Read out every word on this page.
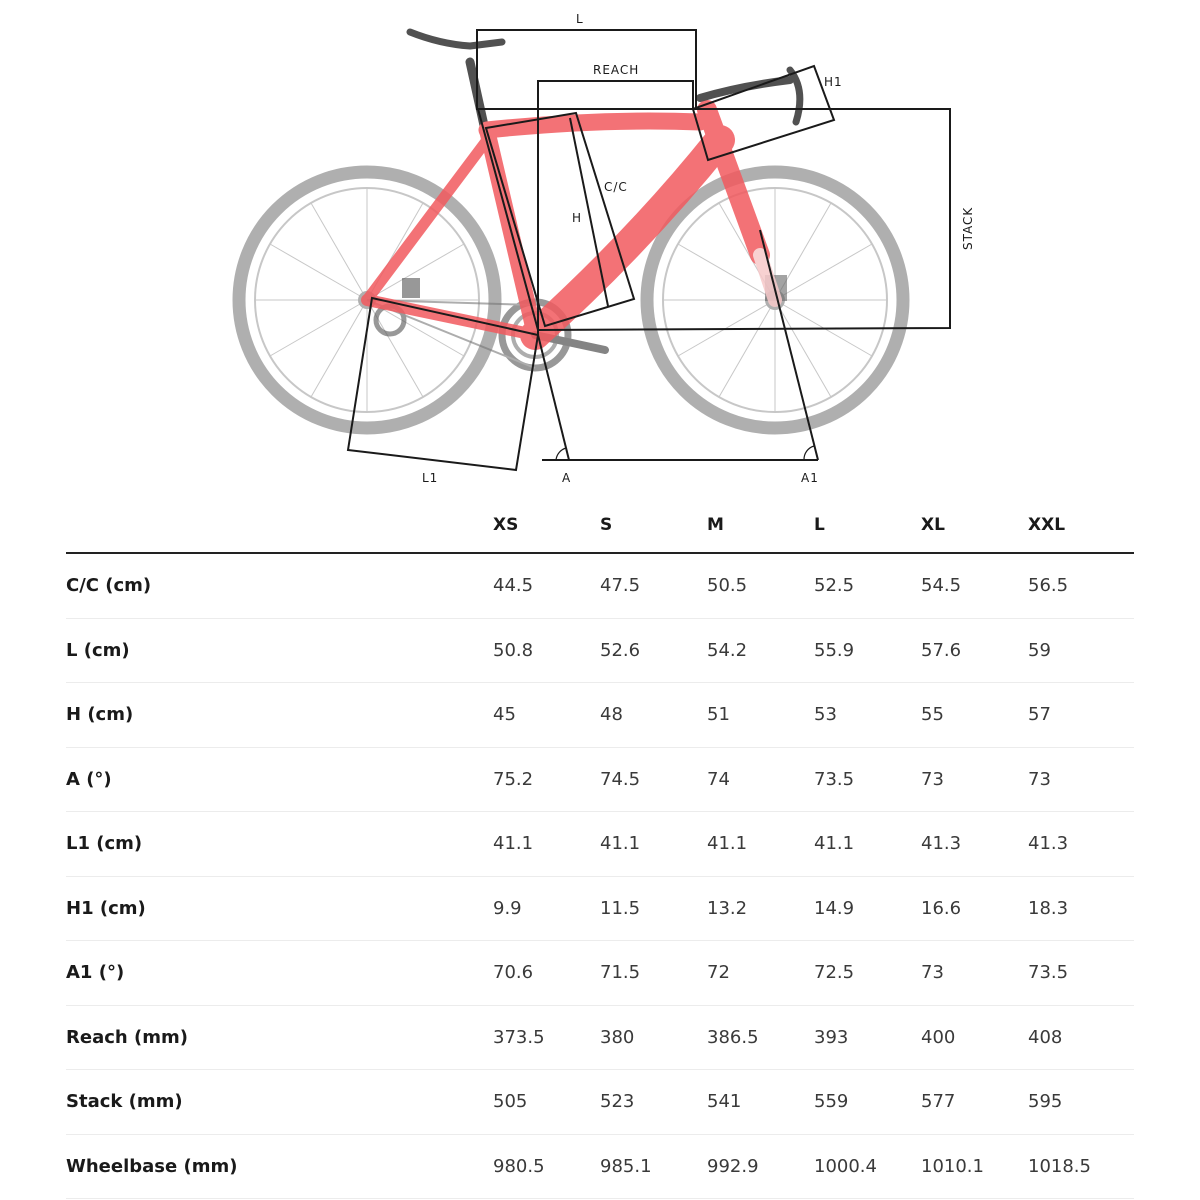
L
REACH
H1
C/C
H	STACK
L1	A	A1
	XS	S	M	L	XL	XXL
C/C (cm)	44.5	47.5	50.5	52.5	54.5	56.5
L (cm)	50.8	52.6	54.2	55.9	57.6	59
H (cm)	45	48	51	53	55	57
A (°)	75.2	74.5	74	73.5	73	73
L1 (cm)	41.1	41.1	41.1	41.1	41.3	41.3
H1 (cm)	9.9	11.5	13.2	14.9	16.6	18.3
A1 (°)	70.6	71.5	72	72.5	73	73.5
Reach (mm)	373.5	380	386.5	393	400	408
Stack (mm)	505	523	541	559	577	595
Wheelbase (mm)	980.5	985.1	992.9	1000.4	1010.1	1018.5
